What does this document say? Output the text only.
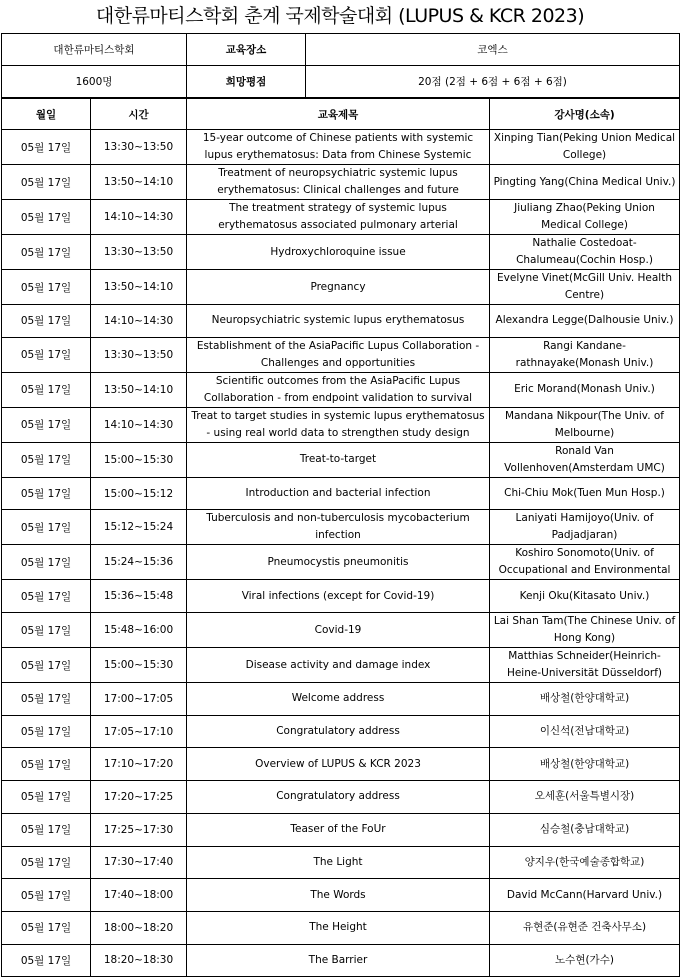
대한류마티스학회 춘계 국제학술대회 (LUPUS & KCR 2023)
대한류마티스학회	교육장소	코엑스
1600명	희망평점	20점 (2점 + 6점 + 6점 + 6점)
월일	시간	교육제목	강사명(소속)
05월 17일	13:30~13:50	15-year outcome of Chinese patients with systemic lupus erythematosus: Data from Chinese Systemic	Xinping Tian(Peking Union Medical College)

05월 17일	13:50~14:10	Treatment of neuropsychiatric systemic lupus erythematosus: Clinical challenges and future	Pingting Yang(China Medical Univ.)

05월 17일	14:10~14:30	The treatment strategy of systemic lupus erythematosus associated pulmonary arterial	Jiuliang Zhao(Peking Union Medical College)

05월 17일	13:30~13:50	Hydroxychloroquine issue	Nathalie Costedoat-Chalumeau(Cochin Hosp.)

05월 17일	13:50~14:10	Pregnancy	Evelyne Vinet(McGill Univ. Health Centre)

05월 17일	14:10~14:30	Neuropsychiatric systemic lupus erythematosus	Alexandra Legge(Dalhousie Univ.)

05월 17일	13:30~13:50	Establishment of the AsiaPacific Lupus Collaboration - Challenges and opportunities	Rangi Kandane-rathnayake(Monash Univ.)

05월 17일	13:50~14:10	Scientific outcomes from the AsiaPacific Lupus Collaboration - from endpoint validation to survival	Eric Morand(Monash Univ.)

05월 17일	14:10~14:30	Treat to target studies in systemic lupus erythematosus - using real world data to strengthen study design	Mandana Nikpour(The Univ. of Melbourne)

05월 17일	15:00~15:30	Treat-to-target	Ronald Van Vollenhoven(Amsterdam UMC)

05월 17일	15:00~15:12	Introduction and bacterial infection	Chi-Chiu Mok(Tuen Mun Hosp.)

05월 17일	15:12~15:24	Tuberculosis and non-tuberculosis mycobacterium infection	Laniyati Hamijoyo(Univ. of Padjadjaran)

05월 17일	15:24~15:36	Pneumocystis pneumonitis	Koshiro Sonomoto(Univ. of Occupational and Environmental

05월 17일	15:36~15:48	Viral infections (except for Covid-19)	Kenji Oku(Kitasato Univ.)

05월 17일	15:48~16:00	Covid-19	Lai Shan Tam(The Chinese Univ. of Hong Kong)

05월 17일	15:00~15:30	Disease activity and damage index	Matthias Schneider(Heinrich-Heine-Universität Düsseldorf)

05월 17일	17:00~17:05	Welcome address	배상철(한양대학교)

05월 17일	17:05~17:10	Congratulatory address	이신석(전남대학교)

05월 17일	17:10~17:20	Overview of LUPUS & KCR 2023	배상철(한양대학교)

05월 17일	17:20~17:25	Congratulatory address	오세훈(서울특별시장)

05월 17일	17:25~17:30	Teaser of the FoUr	심승철(충남대학교)

05월 17일	17:30~17:40	The Light	양지우(한국예술종합학교)

05월 17일	17:40~18:00	The Words	David McCann(Harvard Univ.)

05월 17일	18:00~18:20	The Height	유현준(유현준 건축사무소)

05월 17일	18:20~18:30	The Barrier	노수현(가수)
